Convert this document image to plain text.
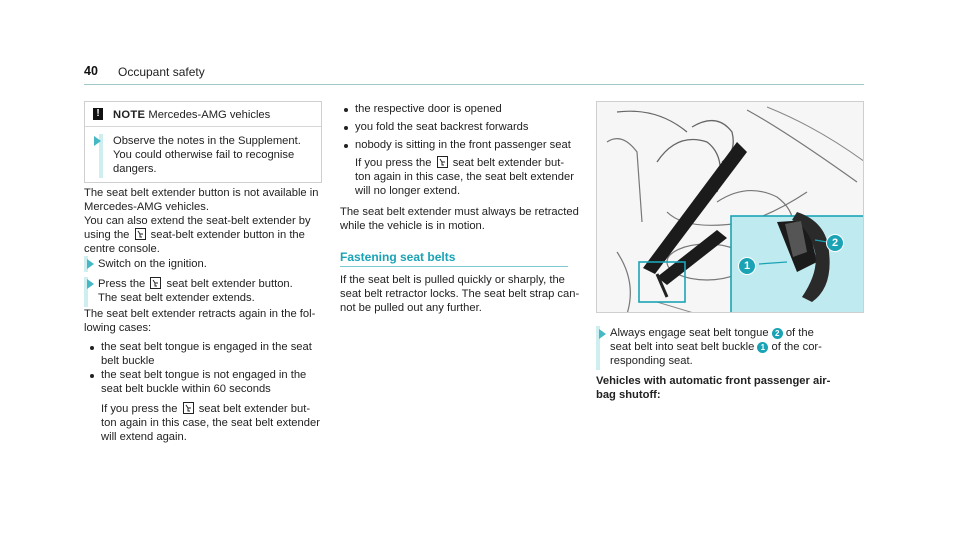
40 Occupant safety
! NOTE Mercedes-AMG vehicles
Observe the notes in the Supplement.
You could otherwise fail to recognise
dangers.
The seat belt extender button is not available in
Mercedes-AMG vehicles.
You can also extend the seat-belt extender by
using the
seat-belt extender button in the
centre console.
Switch on the ignition.
Press the
seat belt extender button.
The seat belt extender extends.
The seat belt extender retracts again in the fol-
lowing cases:
the seat belt tongue is engaged in the seat
belt buckle
the seat belt tongue is not engaged in the
seat belt buckle within 60 seconds
If you press the
seat belt extender but-
ton again in this case, the seat belt extender
will extend again.
the respective door is opened
you fold the seat backrest forwards
nobody is sitting in the front passenger seat
If you press the
seat belt extender but-
ton again in this case, the seat belt extender
will no longer extend.
The seat belt extender must always be retracted
while the vehicle is in motion.
Fastening seat belts
If the seat belt is pulled quickly or sharply, the
seat belt retractor locks. The seat belt strap can-
not be pulled out any further.
1
2
Always engage seat belt tongue 2 of the
seat belt into seat belt buckle 1 of the cor-
responding seat.
Vehicles with automatic front passenger air-
bag shutoff:
